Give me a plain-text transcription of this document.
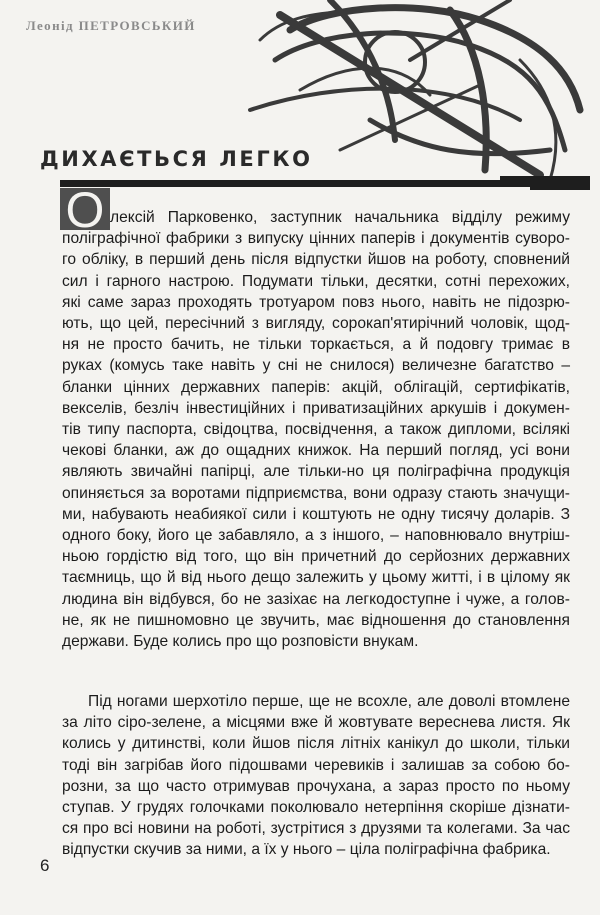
Леонід ПЕТРОВСЬКИЙ
ДИХАЄТЬСЯ ЛЕГКО
О лексій Парковенко, заступник начальника відділу режиму
поліграфічної фабрики з випуску цінних паперів і документів суворо-
го обліку, в перший день після відпустки йшов на роботу, сповнений
сил і гарного настрою. Подумати тільки, десятки, сотні перехожих,
які саме зараз проходять тротуаром повз нього, навіть не підозрю-
ють, що цей, пересічний з вигляду, сорокап'ятирічний чоловік, щод-
ня не просто бачить, не тільки торкається, а й подовгу тримає в
руках (комусь таке навіть у сні не снилося) величезне багатство –
бланки цінних державних паперів: акцій, облігацій, сертифікатів,
векселів, безліч інвестиційних і приватизаційних аркушів і докумен-
тів типу паспорта, свідоцтва, посвідчення, а також дипломи, всілякі
чекові бланки, аж до ощадних книжок. На перший погляд, усі вони
являють звичайні папірці, але тільки-но ця поліграфічна продукція
опиняється за воротами підприємства, вони одразу стають значущи-
ми, набувають неабиякої сили і коштують не одну тисячу доларів. З
одного боку, його це забавляло, а з іншого, – наповнювало внутріш-
ньою гордістю від того, що він причетний до серйозних державних
таємниць, що й від нього дещо залежить у цьому житті, і в цілому як
людина він відбувся, бо не зазіхає на легкодоступне і чуже, а голов-
не, як не пишномовно це звучить, має відношення до становлення
держави. Буде колись про що розповісти внукам.
Під ногами шерхотіло перше, ще не всохле, але доволі втомлене
за літо сіро-зелене, а місцями вже й жовтуватe вереснева листя. Як
колись у дитинстві, коли йшов після літніх канікул до школи, тільки
тоді він загрібав його підошвами черевиків і залишав за собою бо-
розни, за що часто отримував прочухана, а зараз просто по ньому
ступав. У грудях голочками поколювало нетерпіння скоріше дізнати-
ся про всі новини на роботі, зустрітися з друзями та колегами. За час
відпустки скучив за ними, а їх у нього – ціла поліграфічна фабрика.
6
